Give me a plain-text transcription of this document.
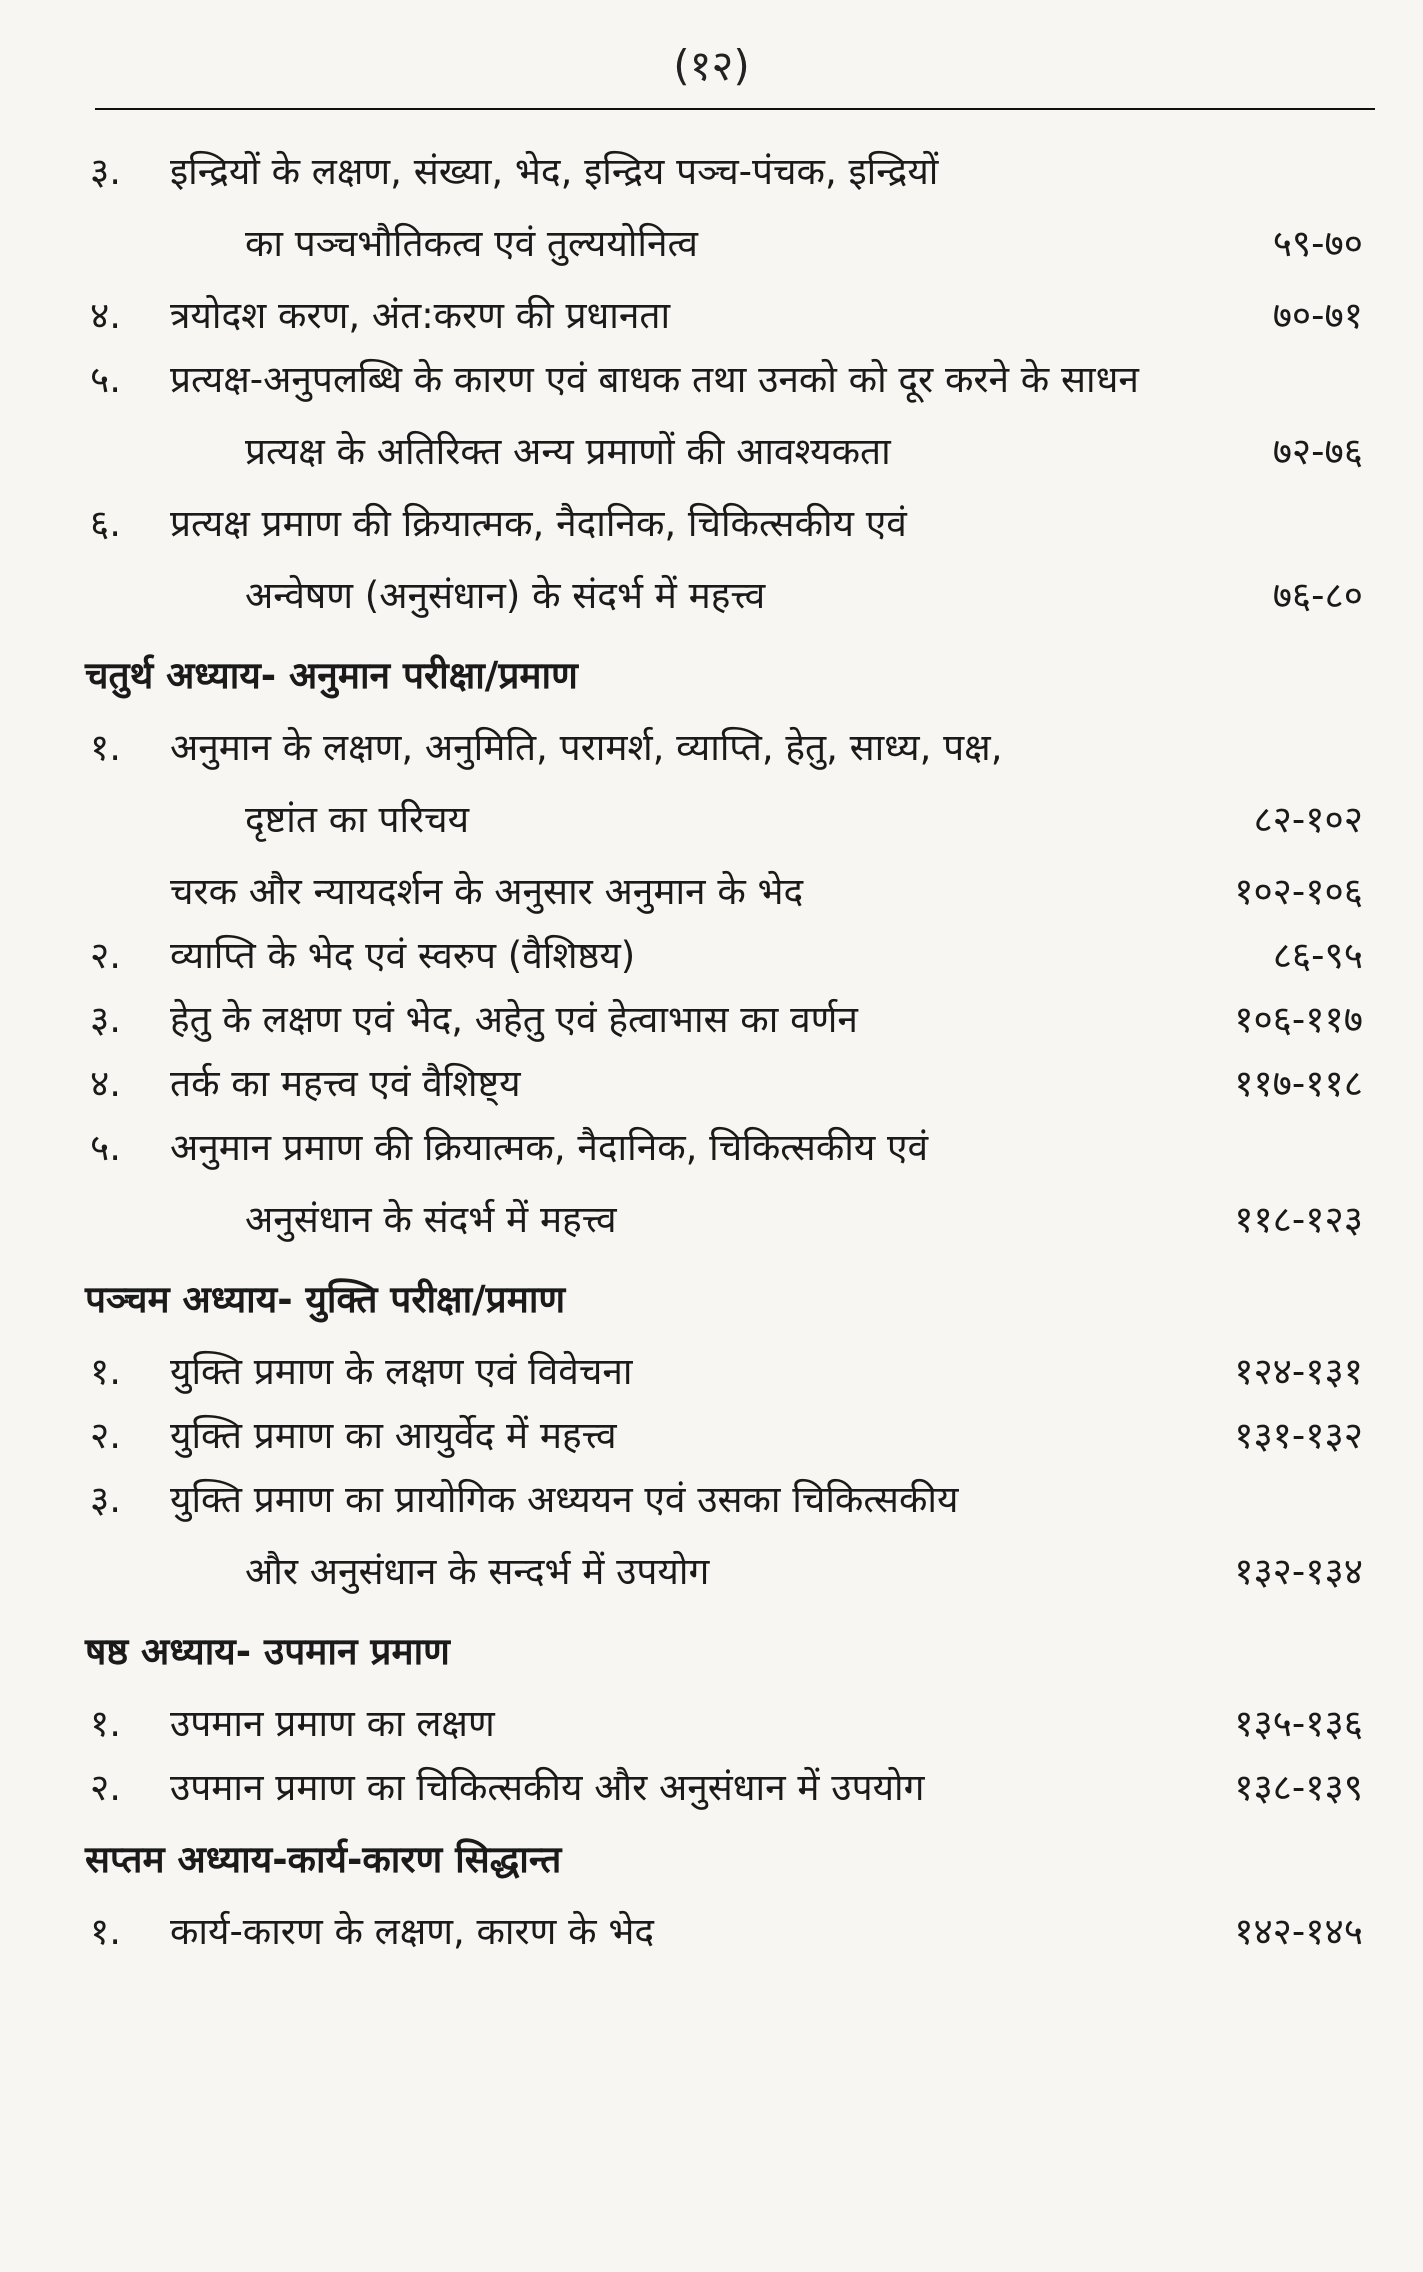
(१२)
३.	इन्द्रियों के लक्षण, संख्या, भेद, इन्द्रिय पञ्च-पंचक, इन्द्रियों
का पञ्चभौतिकत्व एवं तुल्ययोनित्व	५९-७०
४.	त्रयोदश करण, अंत:करण की प्रधानता	७०-७१
५.	प्रत्यक्ष-अनुपलब्धि के कारण एवं बाधक तथा उनको को दूर करने के साधन
प्रत्यक्ष के अतिरिक्त अन्य प्रमाणों की आवश्यकता	७२-७६
६.	प्रत्यक्ष प्रमाण की क्रियात्मक, नैदानिक, चिकित्सकीय एवं
अन्वेषण (अनुसंधान) के संदर्भ में महत्त्व	७६-८०
चतुर्थ अध्याय- अनुमान परीक्षा/प्रमाण
१.	अनुमान के लक्षण, अनुमिति, परामर्श, व्याप्ति, हेतु, साध्य, पक्ष,
दृष्टांत का परिचय	८२-१०२
चरक और न्यायदर्शन के अनुसार अनुमान के भेद	१०२-१०६
२.	व्याप्ति के भेद एवं स्वरुप (वैशिष्ठय)	८६-९५
३.	हेतु के लक्षण एवं भेद, अहेतु एवं हेत्वाभास का वर्णन	१०६-११७
४.	तर्क का महत्त्व एवं वैशिष्ट्य	११७-११८
५.	अनुमान प्रमाण की क्रियात्मक, नैदानिक, चिकित्सकीय एवं
अनुसंधान के संदर्भ में महत्त्व	११८-१२३
पञ्चम अध्याय- युक्ति परीक्षा/प्रमाण
१.	युक्ति प्रमाण के लक्षण एवं विवेचना	१२४-१३१
२.	युक्ति प्रमाण का आयुर्वेद में महत्त्व	१३१-१३२
३.	युक्ति प्रमाण का प्रायोगिक अध्ययन एवं उसका चिकित्सकीय
और अनुसंधान के सन्दर्भ में उपयोग	१३२-१३४
षष्ठ अध्याय- उपमान प्रमाण
१.	उपमान प्रमाण का लक्षण	१३५-१३६
२.	उपमान प्रमाण का चिकित्सकीय और अनुसंधान में उपयोग	१३८-१३९
सप्तम अध्याय-कार्य-कारण सिद्धान्त
१.	कार्य-कारण के लक्षण, कारण के भेद	१४२-१४५
